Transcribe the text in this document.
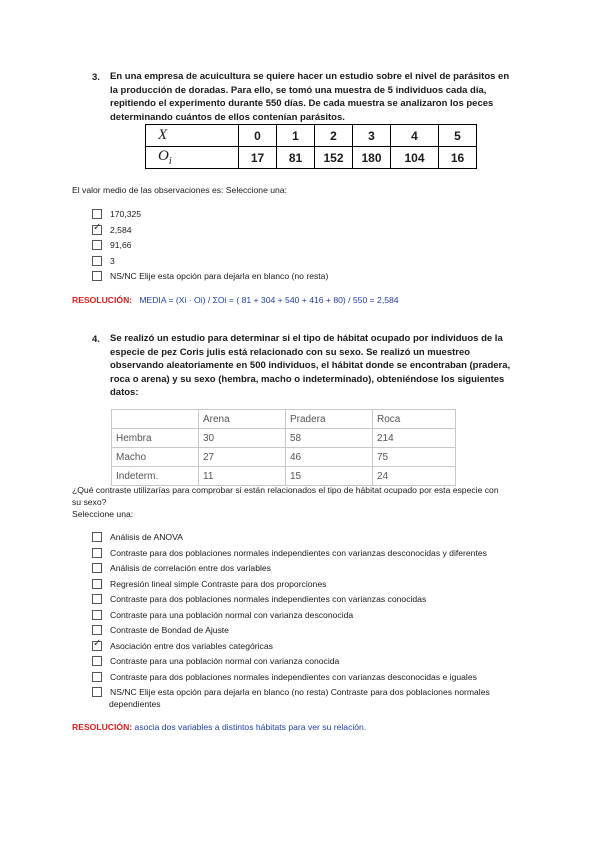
3. En una empresa de acuicultura se quiere hacer un estudio sobre el nivel de parásitos en
la producción de doradas. Para ello, se tomó una muestra de 5 individuos cada día,
repitiendo el experimento durante 550 días. De cada muestra se analizaron los peces
determinando cuántos de ellos contenían parásitos.
X	0	1	2	3	4	5
$O_i$	17	81	152	180	104	16
El valor medio de las observaciones es: Seleccione una:
170,325
✓ 2,584
91,66
3
NS/NC Elije esta opción para dejarla en blanco (no resta)
RESOLUCIÓN: MEDIA = (Xi · Oi) / ΣOi = ( 81 + 304 + 540 + 416 + 80) / 550 = 2,584
4. Se realizó un estudio para determinar si el tipo de hábitat ocupado por individuos de la
especie de pez Coris julis está relacionado con su sexo. Se realizó un muestreo
observando aleatoriamente en 500 individuos, el hábitat donde se encontraban (pradera,
roca o arena) y su sexo (hembra, macho o indeterminado), obteniéndose los siguientes
datos:
	Arena	Pradera	Roca
Hembra	30	58	214
Macho	27	46	75
Indeterm.	11	15	24
¿Qué contraste utilizarías para comprobar si están relacionados el tipo de hábitat ocupado por esta especie con
su sexo?
Seleccione una:
Análisis de ANOVA
Contraste para dos poblaciones normales independientes con varianzas desconocidas y diferentes
Análisis de correlación entre dos variables
Regresión lineal simple Contraste para dos proporciones
Contraste para dos poblaciones normales independientes con varianzas conocidas
Contraste para una población normal con varianza desconocida
Contraste de Bondad de Ajuste
✓ Asociación entre dos variables categóricas
Contraste para una población normal con varianza conocida
Contraste para dos poblaciones normales independientes con varianzas desconocidas e iguales
NS/NC Elije esta opción para dejarla en blanco (no resta) Contraste para dos poblaciones normales
dependientes
RESOLUCIÓN: asocia dos variables a distintos hábitats para ver su relación.
